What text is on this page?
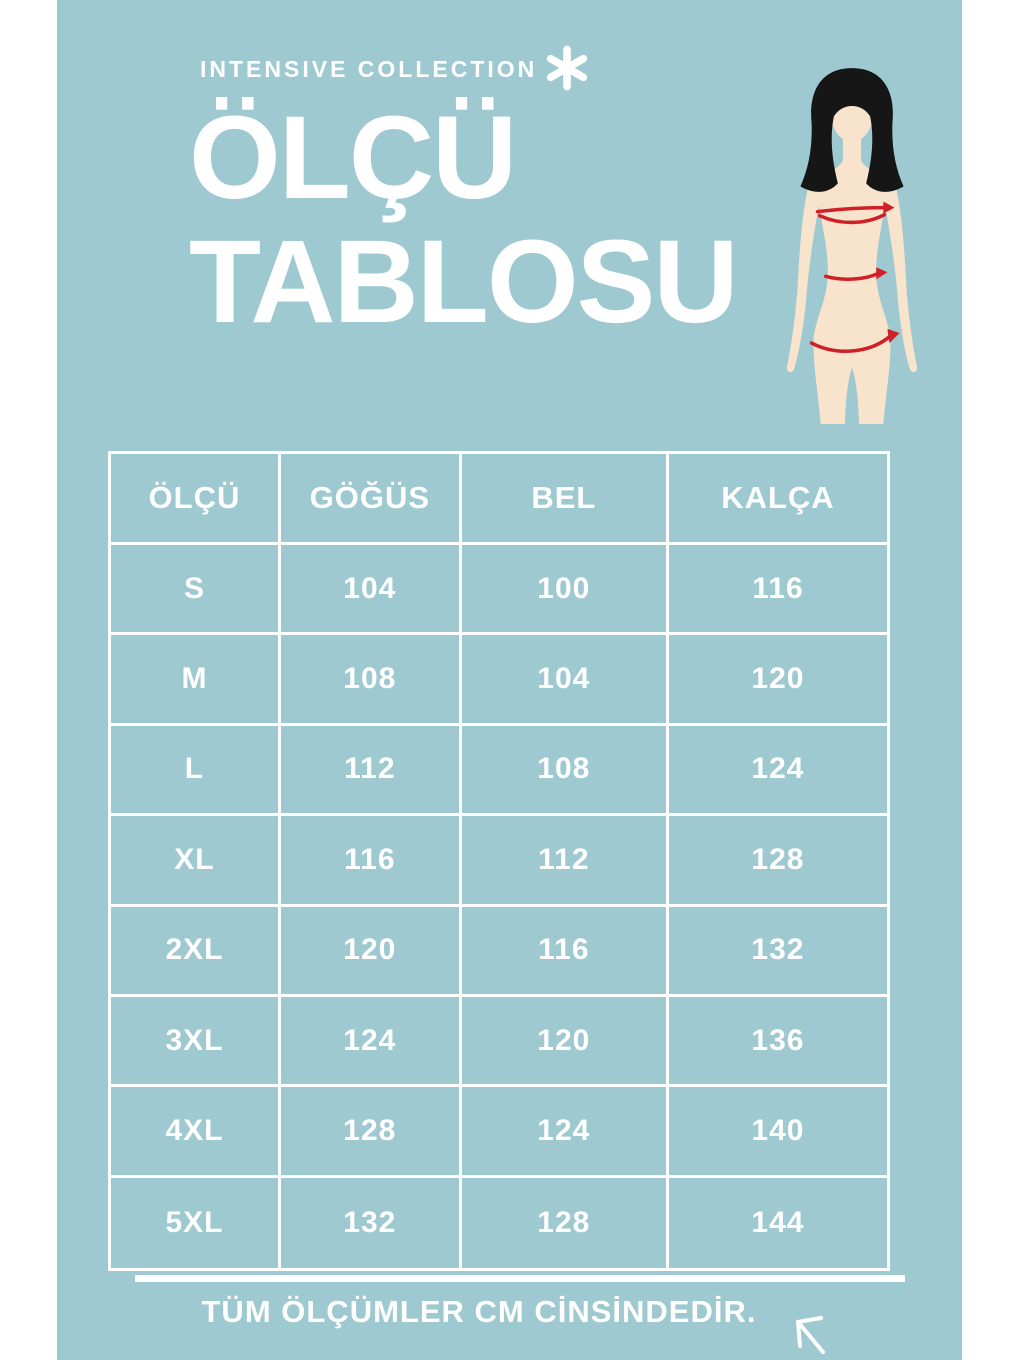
INTENSIVE COLLECTION
ÖLÇÜ
TABLOSU
ÖLÇÜ	GÖĞÜS	BEL	KALÇA
S	104	100	116
M	108	104	120
L	112	108	124
XL	116	112	128
2XL	120	116	132
3XL	124	120	136
4XL	128	124	140
5XL	132	128	144
TÜM ÖLÇÜMLER CM CİNSİNDEDİR.
